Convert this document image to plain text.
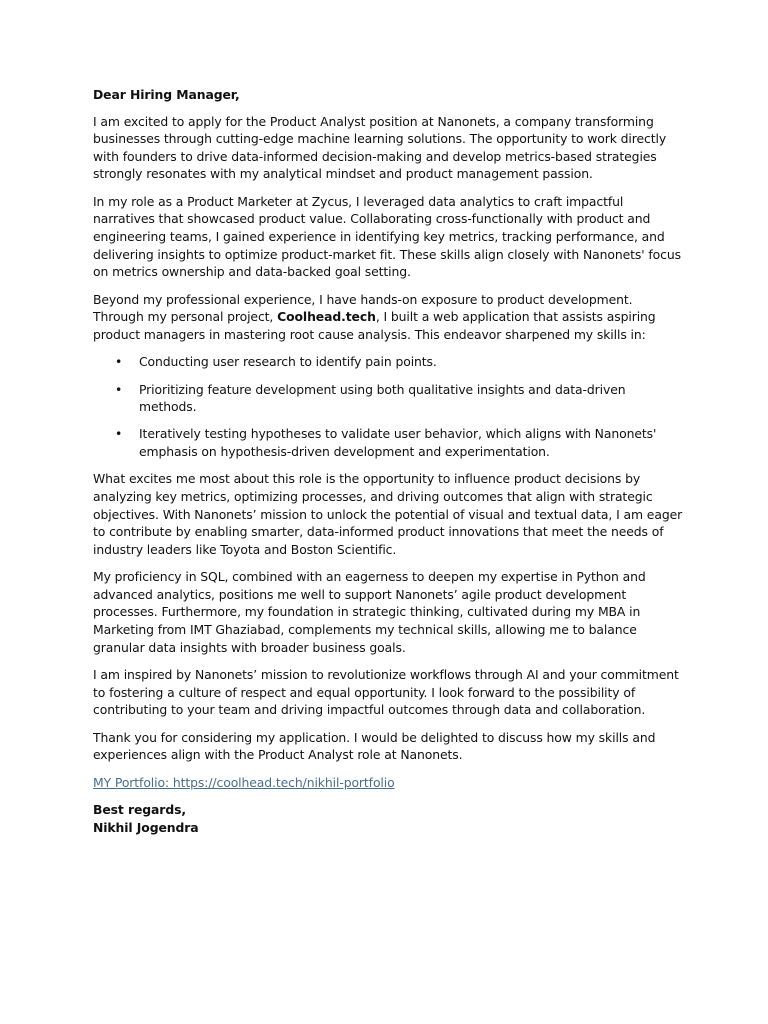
Dear Hiring Manager,

I am excited to apply for the Product Analyst position at Nanonets, a company transforming businesses through cutting-edge machine learning solutions. The opportunity to work directly with founders to drive data-informed decision-making and develop metrics-based strategies strongly resonates with my analytical mindset and product management passion.

In my role as a Product Marketer at Zycus, I leveraged data analytics to craft impactful narratives that showcased product value. Collaborating cross-functionally with product and engineering teams, I gained experience in identifying key metrics, tracking performance, and delivering insights to optimize product-market fit. These skills align closely with Nanonets' focus on metrics ownership and data-backed goal setting.

Beyond my professional experience, I have hands-on exposure to product development. Through my personal project, Coolhead.tech, I built a web application that assists aspiring product managers in mastering root cause analysis. This endeavor sharpened my skills in:

• Conducting user research to identify pain points.
• Prioritizing feature development using both qualitative insights and data-driven methods.
• Iteratively testing hypotheses to validate user behavior, which aligns with Nanonets' emphasis on hypothesis-driven development and experimentation.

What excites me most about this role is the opportunity to influence product decisions by analyzing key metrics, optimizing processes, and driving outcomes that align with strategic objectives. With Nanonets’ mission to unlock the potential of visual and textual data, I am eager to contribute by enabling smarter, data-informed product innovations that meet the needs of industry leaders like Toyota and Boston Scientific.

My proficiency in SQL, combined with an eagerness to deepen my expertise in Python and advanced analytics, positions me well to support Nanonets’ agile product development processes. Furthermore, my foundation in strategic thinking, cultivated during my MBA in Marketing from IMT Ghaziabad, complements my technical skills, allowing me to balance granular data insights with broader business goals.

I am inspired by Nanonets’ mission to revolutionize workflows through AI and your commitment to fostering a culture of respect and equal opportunity. I look forward to the possibility of contributing to your team and driving impactful outcomes through data and collaboration.

Thank you for considering my application. I would be delighted to discuss how my skills and experiences align with the Product Analyst role at Nanonets.

MY Portfolio: https://coolhead.tech/nikhil-portfolio

Best regards,

Nikhil Jogendra
